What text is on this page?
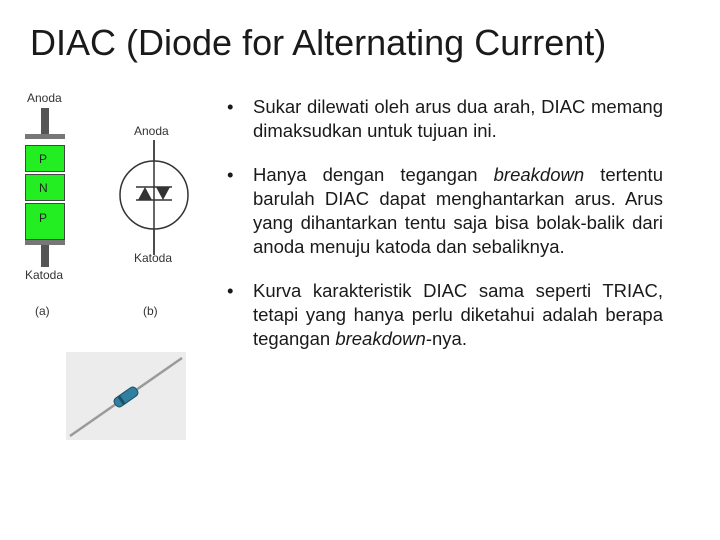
DIAC (Diode for Alternating Current)
Anoda
P
N
P
Katoda
(a)
Anoda
Katoda
(b)
• Sukar dilewati oleh arus dua arah, DIAC memang dimaksudkan untuk tujuan ini.

• Hanya dengan tegangan breakdown tertentu barulah DIAC dapat menghantarkan arus. Arus yang dihantarkan tentu saja bisa bolak-balik dari anoda menuju katoda dan sebaliknya.

• Kurva karakteristik DIAC sama seperti TRIAC, tetapi yang hanya perlu diketahui adalah berapa tegangan breakdown-nya.
